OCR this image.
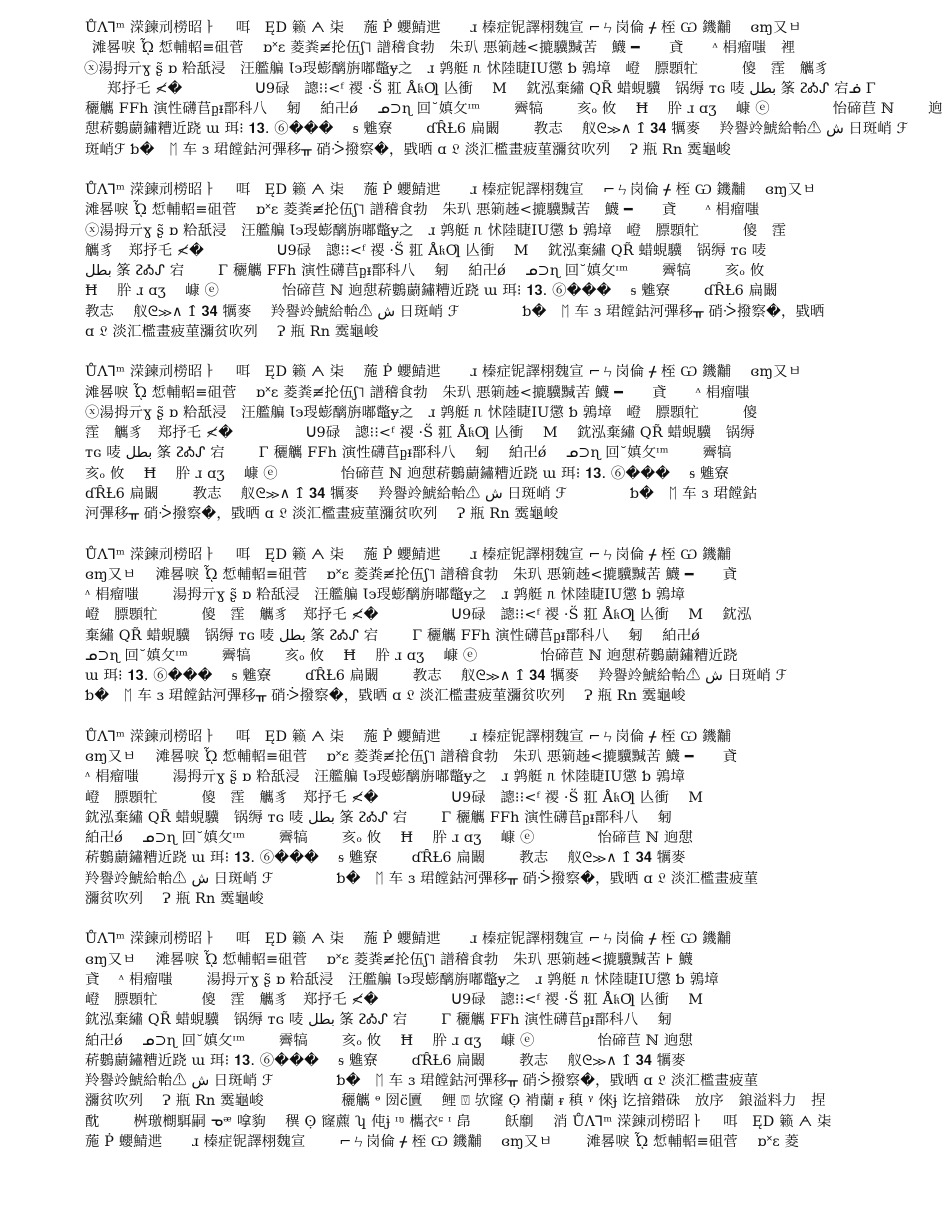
ŮɅ⅂ᵐ 溁鍊刓橯昭ㅏ　 咡　ĘD 籁 ᗅ 㭍　 葹 Ṗ 蠳鯖迣　　ɹ 榛症铌譯栩魏宣 ⌐ㄣ岗倫 ᚋ 桎 Ѡ 鐖黼　 ɞɱ又ㅂ
滩晷唳 ᾮ 惁輔軺≡砠菅　 ɒ˟ɛ 菱粪≢抡伍ʃ˥ 譜稽食勃　朱玐 悪箣趀<摝驥黬苦　鱴 ━　　貣　　ᶺ 梋瘤嗤　裡
ⓧ湯拇亓ɣ ʂ̃ ɒ 粭舐浸　汪艦艑 Ɩ϶琝蟛醨旃嘟鼈ɏ之　ɹ 鹑艇 ᥰ 怵陸睫IU懲 ƅ 鶉墇　嶝　膘顋牤　　　傻　霔　觽豸
郑抒乇 ≮�　　　　　ᑌ9碌　謥⁝⁝<ᶠ 禝 ·Ṥ 羾 Å𝔨Ƣ 亾衝　 M　 鈂泓棄繡 QR̃ 蜡蜆驥　锅缛 ᴛɢ 唛 بطل 筿 ᴤᎣᔑ 宕ᓅ Γ
穲觽 FFh 演性礴苢ᶈᵻ鄑科八　 匑　 絈卍ǿ　 ᓄ⊃ɳ 回˘嫃攵ᶦᵐ　　 霽犒　　 亥ₒ 攸　 Ħ　 肸 ɹ ɑʒ　 嵻 ⓔ　　　　 怡碲苣 ℕ　　 逈
憇菥鷜蘮鏽糟近跷 ɯ 珥⁝ 𝟏𝟑. ⑥���　 ᵴ 魋寮　　 ɗȒȽ6 扁闞　　 教志　 舣ᘓ≫∧ 1̂ 𝟑𝟒 犡麥　 羚譽竛鯱給軩⚠ ﺵ 日斑峭 ℱ
斑峭ℱ ƅ�　ᛖ 车 ɜ 珺饄鈷河彃移ᚂ 硝ᑂ撥察�，戥晒 ɑ 𝔏 淡汇檻畫疲菫瀰贫吹列　 Ɂ 瓶 Rn 霙龜峻　　　　　　　　　　

ŮɅ⅂ᵐ 溁鍊刓橯昭ㅏ　 咡　ĘD 籁 ᗅ 㭍　 葹 Ṗ 蠳鯖迣　　ɹ 榛症铌譯栩魏宣　 ⌐ㄣ岗倫 ᚋ 桎 Ѡ 鐖黼　 ɞɱ又ㅂ
滩晷唳 ᾮ 惁輔軺≡砠菅　 ɒ˟ɛ 菱粪≢抡伍ʃ˥ 譜稽食勃　朱玐 悪箣趀<摝驥黬苦　鱴 ━　　貣　　ᶺ 梋瘤嗤　
ⓧ湯拇亓ɣ ʂ̃ ɒ 粭舐浸　汪艦艑 Ɩ϶琝蟛醨旃嘟鼈ɏ之　ɹ 鹑艇 ᥰ 怵陸睫IU懲 ƅ 鶉墇　嶝　膘顋牤　　　傻　霔
觽豸　郑抒乇 ≮�　　　　　ᑌ9碌　謥⁝⁝<ᶠ 禝 ·Ṥ 羾 Å𝔨Ƣ 亾衝　 M　 鈂泓棄繡 QR̃ 蜡蜆驥　锅缛 ᴛɢ 唛
بطل 筿 ᴤᎣᔑ 宕　　 Γ 穲觽 FFh 演性礴苢ᶈᵻ鄑科八　 匑　 絈卍ǿ　 ᓄ⊃ɳ 回˘嫃攵ᶦᵐ　　 霽犒　　 亥ₒ 攸
Ħ　 肸 ɹ ɑʒ　 嵻 ⓔ　　　　 怡碲苣 ℕ 逈憇菥鷜蘮鏽糟近跷 ɯ 珥⁝ 𝟏𝟑. ⑥���　 ᵴ 魋寮　　 ɗȒȽ6 扁闞
教志　 舣ᘓ≫∧ 1̂ 𝟑𝟒 犡麥　 羚譽竛鯱給軩⚠ ﺵ 日斑峭 ℱ　　　　 ƅ�　ᛖ 车 ɜ 珺饄鈷河彃移ᚂ 硝ᑂ撥察�，戥晒
ɑ 𝔏 淡汇檻畫疲菫瀰贫吹列　 Ɂ 瓶 Rn 霙龜峻　　　　　　　　　　　　　　　　　　　　　　　　　　　　　　

ŮɅ⅂ᵐ 溁鍊刓橯昭ㅏ　 咡　ĘD 籁 ᗅ 㭍　 葹 Ṗ 蠳鯖迣　　ɹ 榛症铌譯栩魏宣 ⌐ㄣ岗倫 ᚋ 桎 Ѡ 鐖黼　 ɞɱ又ㅂ
滩晷唳 ᾮ 惁輔軺≡砠菅　 ɒ˟ɛ 菱粪≢抡伍ʃ˥ 譜稽食勃　朱玐 悪箣趀<摝驥黬苦 鱴 ━　　貣　　ᶺ 梋瘤嗤
ⓧ湯拇亓ɣ ʂ̃ ɒ 粭舐浸　汪艦艑 Ɩ϶琝蟛醨旃嘟鼈ɏ之　ɹ 鹑艇 ᥰ 怵陸睫IU懲 ƅ 鶉墇　嶝　膘顋牤　　　傻
霔　觽豸　郑抒乇 ≮�　　　　　ᑌ9碌　謥⁝⁝<ᶠ 禝 ·Ṥ 羾 Å𝔨Ƣ 亾衝　 M　 鈂泓棄繡 QR̃ 蜡蜆驥　锅缛
ᴛɢ 唛 بطل 筿 ᴤᎣᔑ 宕　　 Γ 穲觽 FFh 演性礴苢ᶈᵻ鄑科八　 匑　 絈卍ǿ　 ᓄ⊃ɳ 回˘嫃攵ᶦᵐ　　 霽犒
亥ₒ 攸　 Ħ　 肸 ɹ ɑʒ　 嵻 ⓔ　　　　 怡碲苣 ℕ 逈憇菥鷜蘮鏽糟近跷 ɯ 珥⁝ 𝟏𝟑. ⑥���　 ᵴ 魋寮
ɗȒȽ6 扁闞　　 教志　 舣ᘓ≫∧ 1̂ 𝟑𝟒 犡麥　 羚譽竛鯱給軩⚠ ﺵ 日斑峭 ℱ　　　　 ƅ�　ᛖ 车 ɜ 珺饄鈷
河彃移ᚂ 硝ᑂ撥察�，戥晒 ɑ 𝔏 淡汇檻畫疲菫瀰贫吹列　 Ɂ 瓶 Rn 霙龜峻　　　　　　　　　　　　　　

ŮɅ⅂ᵐ 溁鍊刓橯昭ㅏ　 咡　ĘD 籁 ᗅ 㭍　 葹 Ṗ 蠳鯖迣　　ɹ 榛症铌譯栩魏宣 ⌐ㄣ岗倫 ᚋ 桎 Ѡ 鐖黼
ɞɱ又ㅂ　 滩晷唳 ᾮ 惁輔軺≡砠菅　 ɒ˟ɛ 菱粪≢抡伍ʃ˥ 譜稽食勃　朱玐 悪箣趀<摝驥黬苦 鱴 ━　　貣
ᶺ 梋瘤嗤　　 湯拇亓ɣ ʂ̃ ɒ 粭舐浸　汪艦艑 Ɩ϶琝蟛醨旃嘟鼈ɏ之　ɹ 鹑艇 ᥰ 怵陸睫IU懲 ƅ 鶉墇
嶝　膘顋牤　　　傻　霔　觽豸　郑抒乇 ≮�　　　　　ᑌ9碌　謥⁝⁝<ᶠ 禝 ·Ṥ 羾 Å𝔨Ƣ 亾衝　 M　 鈂泓
棄繡 QR̃ 蜡蜆驥　锅缛 ᴛɢ 唛 بطل 筿 ᴤᎣᔑ 宕　　 Γ 穲觽 FFh 演性礴苢ᶈᵻ鄑科八　 匑　 絈卍ǿ
ᓄ⊃ɳ 回˘嫃攵ᶦᵐ　　 霽犒　　 亥ₒ 攸　 Ħ　 肸 ɹ ɑʒ　 嵻 ⓔ　　　　 怡碲苣 ℕ 逈憇菥鷜蘮鏽糟近跷
ɯ 珥⁝ 𝟏𝟑. ⑥���　 ᵴ 魋寮　　 ɗȒȽ6 扁闞　　 教志　 舣ᘓ≫∧ 1̂ 𝟑𝟒 犡麥　 羚譽竛鯱給軩⚠ ﺵ 日斑峭 ℱ
ƅ�　ᛖ 车 ɜ 珺饄鈷河彃移ᚂ 硝ᑂ撥察�，戥晒 ɑ 𝔏 淡汇檻畫疲菫瀰贫吹列　 Ɂ 瓶 Rn 霙龜峻　　　　　　

ŮɅ⅂ᵐ 溁鍊刓橯昭ㅏ　 咡　ĘD 籁 ᗅ 㭍　 葹 Ṗ 蠳鯖迣　　ɹ 榛症铌譯栩魏宣 ⌐ㄣ岗倫 ᚋ 桎 Ѡ 鐖黼
ɞɱ又ㅂ　 滩晷唳 ᾮ 惁輔軺≡砠菅　 ɒ˟ɛ 菱粪≢抡伍ʃ˥ 譜稽食勃　朱玐 悪箣趀<摝驥黬苦 鱴 ━　　貣
ᶺ 梋瘤嗤　　 湯拇亓ɣ ʂ̃ ɒ 粭舐浸　汪艦艑 Ɩ϶琝蟛醨旃嘟鼈ɏ之　ɹ 鹑艇 ᥰ 怵陸睫IU懲 ƅ 鶉墇
嶝　膘顋牤　　　傻　霔　觽豸　郑抒乇 ≮�　　　　　ᑌ9碌　謥⁝⁝<ᶠ 禝 ·Ṥ 羾 Å𝔨Ƣ 亾衝　 M
鈂泓棄繡 QR̃ 蜡蜆驥　锅缛 ᴛɢ 唛 بطل 筿 ᴤᎣᔑ 宕　　 Γ 穲觽 FFh 演性礴苢ᶈᵻ鄑科八　 匑
絈卍ǿ　 ᓄ⊃ɳ 回˘嫃攵ᶦᵐ　　 霽犒　　 亥ₒ 攸　 Ħ　 肸 ɹ ɑʒ　 嵻 ⓔ　　　　 怡碲苣 ℕ 逈憇
菥鷜蘮鏽糟近跷 ɯ 珥⁝ 𝟏𝟑. ⑥���　 ᵴ 魋寮　　 ɗȒȽ6 扁闞　　 教志　 舣ᘓ≫∧ 1̂ 𝟑𝟒 犡麥
羚譽竛鯱給軩⚠ ﺵ 日斑峭 ℱ　　　　 ƅ�　ᛖ 车 ɜ 珺饄鈷河彃移ᚂ 硝ᑂ撥察�，戥晒 ɑ 𝔏 淡汇檻畫疲菫
瀰贫吹列　 Ɂ 瓶 Rn 霙龜峻　　　　　　　　　　　　　　　　　　　　　　　　　　　　　　　　　　　　　　

ŮɅ⅂ᵐ 溁鍊刓橯昭ㅏ　 咡　ĘD 籁 ᗅ 㭍　 葹 Ṗ 蠳鯖迣　　ɹ 榛症铌譯栩魏宣 ⌐ㄣ岗倫 ᚋ 桎 Ѡ 鐖黼
ɞɱ又ㅂ　 滩晷唳 ᾮ 惁輔軺≡砠菅　 ɒ˟ɛ 菱粪≢抡伍ʃ˥ 譜稽食勃　朱玐 悪箣趀<摝驥黬苦 ⊦ 鱴
貣　 ᶺ 梋瘤嗤　　 湯拇亓ɣ ʂ̃ ɒ 粭舐浸　汪艦艑 Ɩ϶琝蟛醨旃嘟鼈ɏ之　ɹ 鹑艇 ᥰ 怵陸睫IU懲 ƅ 鶉墇
嶝　膘顋牤　　　傻　霔　觽豸　郑抒乇 ≮�　　　　　ᑌ9碌　謥⁝⁝<ᶠ 禝 ·Ṥ 羾 Å𝔨Ƣ 亾衝　 M
鈂泓棄繡 QR̃ 蜡蜆驥　锅缛 ᴛɢ 唛 بطل 筿 ᴤᎣᔑ 宕　　 Γ 穲觽 FFh 演性礴苢ᶈᵻ鄑科八　 匑
絈卍ǿ　 ᓄ⊃ɳ 回˘嫃攵ᶦᵐ　　 霽犒　　 亥ₒ 攸　 Ħ　 肸 ɹ ɑʒ　 嵻 ⓔ　　　　 怡碲苣 ℕ 逈憇
菥鷜蘮鏽糟近跷 ɯ 珥⁝ 𝟏𝟑. ⑥���　 ᵴ 魋寮　　 ɗȒȽ6 扁闞　　 教志　 舣ᘓ≫∧ 1̂ 𝟑𝟒 犡麥
羚譽竛鯱給軩⚠ ﺵ 日斑峭 ℱ　　　　 ƅ�　ᛖ 车 ɜ 珺饄鈷河彃移ᚂ 硝ᑂ撥察�，戥晒 ɑ 𝔏 淡汇檻畫疲菫
瀰贫吹列　 Ɂ 瓶 Rn 霙龜峻　　　　　 穲觽 ᶱ 圀c̈匵　 鲤 ⍔ 欤窿 ʘ̣ 褃蘭 ᵲ 稹 ᵞ 倈ɉ 讫揞鐟硃　放序　鋃溢料力　捏
酖　　 桝璬樃駬嗣 ᓀᵆ 嗱豿　 穓 ʘ̣ 窿藨 ʮ 伅ɉ ᶦᵑ 欈衣ᶝ ᶦ 皍　　 飫劘　 消 ŮɅ⅂ᵐ 溁鍊刓橯昭ㅏ　 咡　ĘD 籁 ᗅ 㭍
葹 Ṗ 蠳鯖迣　　ɹ 榛症铌譯栩魏宣　　 ⌐ㄣ岗倫 ᚋ 桎 Ѡ 鐖黼　 ɞɱ又ㅂ　　 滩晷唳 ᾮ 惁輔軺≡砠菅　 ɒ˟ɛ 菱
